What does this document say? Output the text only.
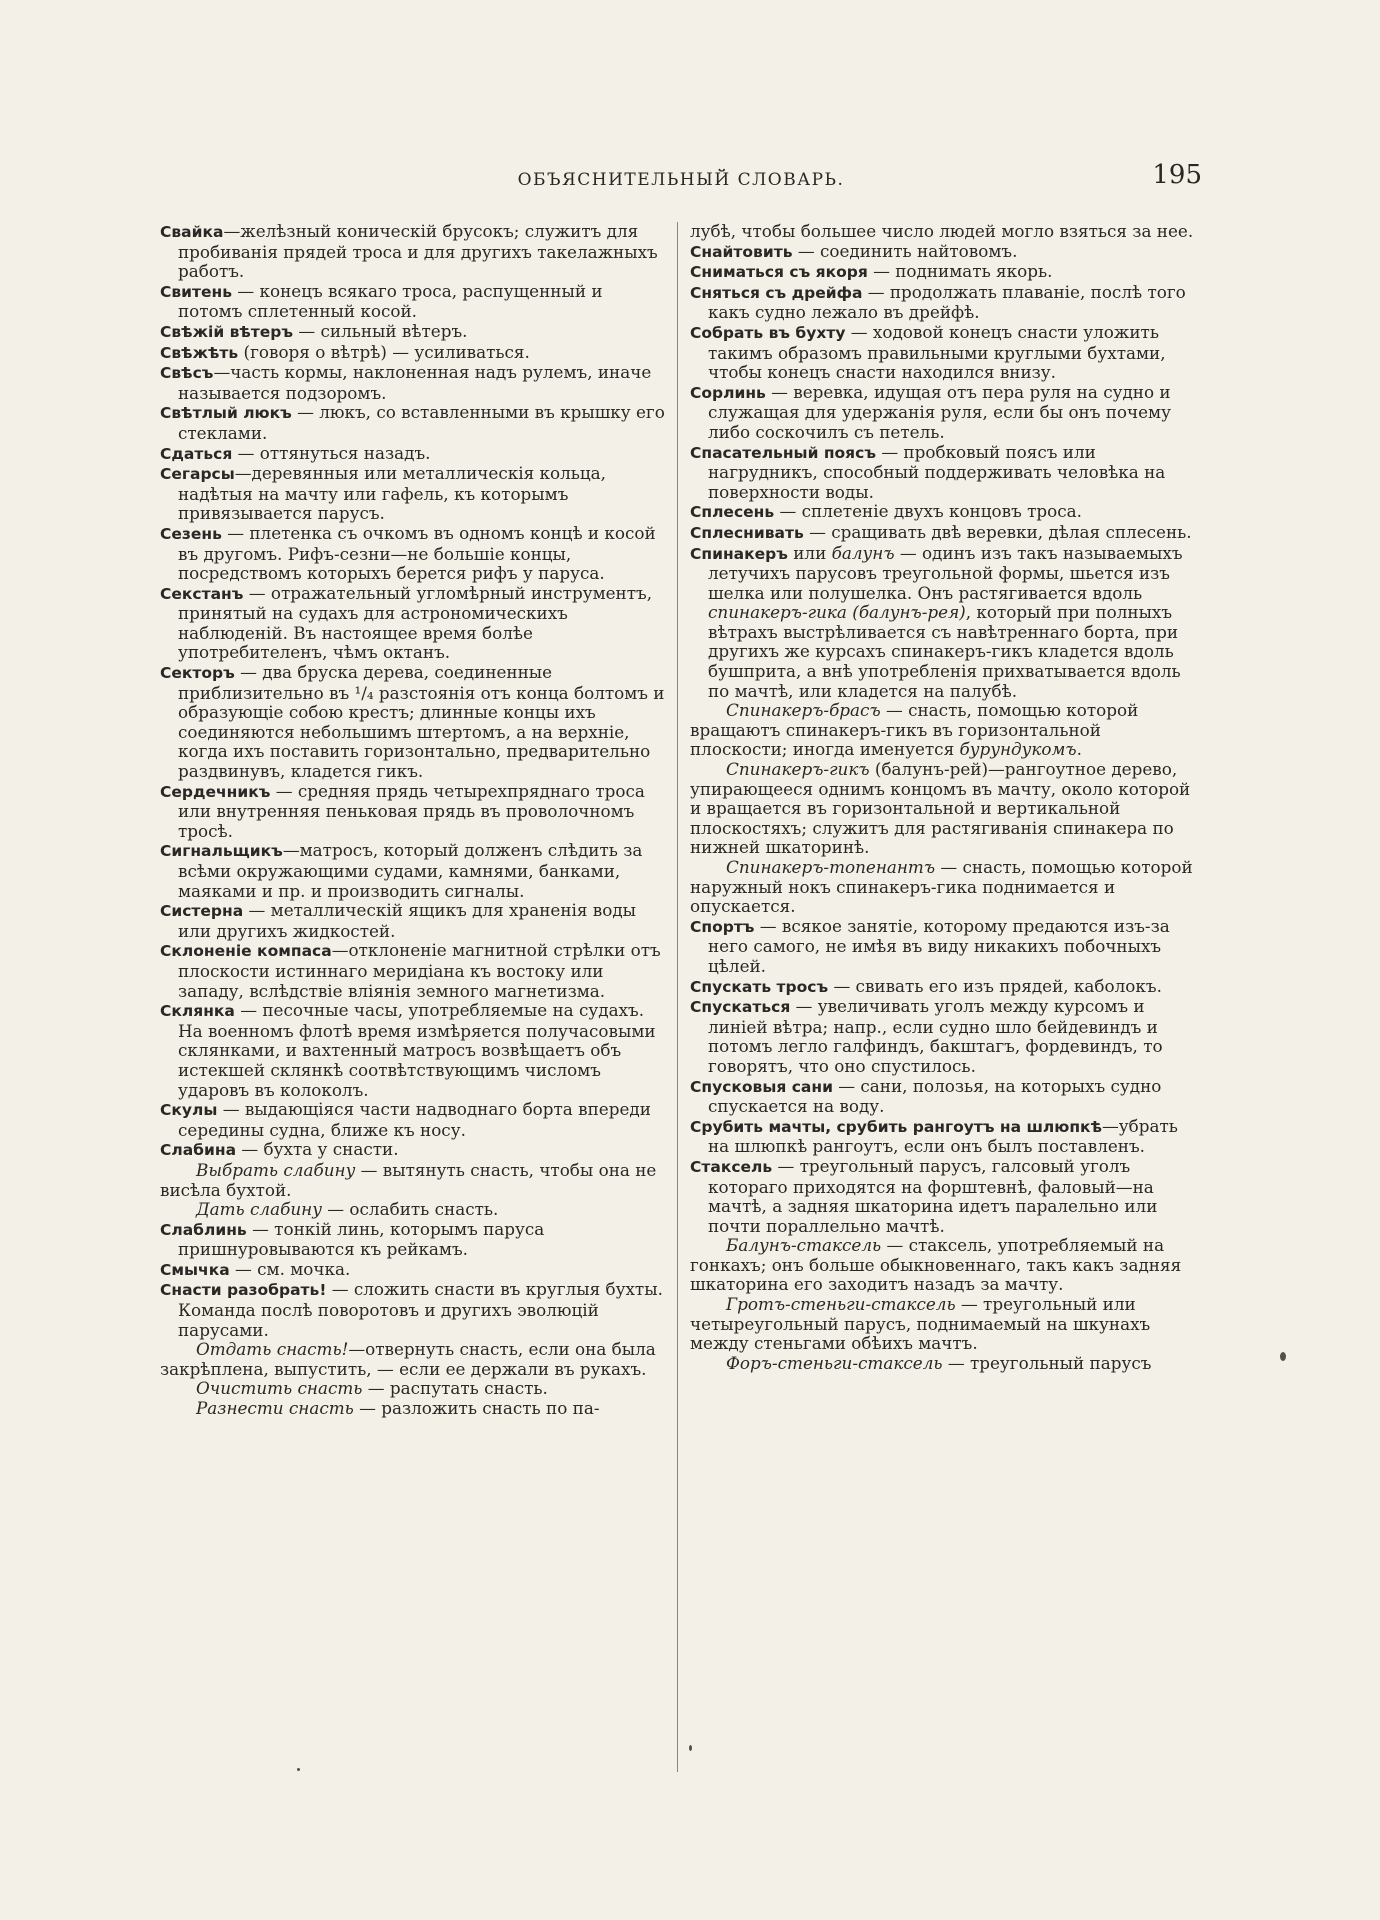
ОБЪЯСНИТЕЛЬНЫЙ СЛОВАРЬ.	195

Свайка—желѣзный коническій брусокъ; служитъ для пробиванія прядей троса и для другихъ такелажныхъ работъ.

Свитень — конецъ всякаго троса, распущенный и потомъ сплетенный косой.

Свѣжій вѣтеръ — сильный вѣтеръ.

Свѣжѣть (говоря о вѣтрѣ) — усиливаться.

Свѣсъ—часть кормы, наклоненная надъ рулемъ, иначе называется подзоромъ.

Свѣтлый люкъ — люкъ, со вставленными въ крышку его стеклами.

Сдаться — оттянуться назадъ.

Сегарсы—деревянныя или металлическія кольца, надѣтыя на мачту или гафель, къ которымъ привязывается парусъ.

Сезень — плетенка съ очкомъ въ одномъ концѣ и косой въ другомъ. Рифъ-сезни—не большіе концы, посредствомъ которыхъ берется рифъ у паруса.

Секстанъ — отражательный угломѣрный инструментъ, принятый на судахъ для астрономическихъ наблюденій. Въ настоящее время болѣе употребителенъ, чѣмъ октанъ.

Секторъ — два бруска дерева, соединенные приблизительно въ ¹/₄ разстоянія отъ конца болтомъ и образующіе собою крестъ; длинные концы ихъ соединяются небольшимъ штертомъ, а на верхніе, когда ихъ поставить горизонтально, предварительно раздвинувъ, кладется гикъ.

Сердечникъ — средняя прядь четырехпряднаго троса или внутренняя пеньковая прядь въ проволочномъ тросѣ.

Сигнальщикъ—матросъ, который долженъ слѣдить за всѣми окружающими судами, камнями, банками, маяками и пр. и производить сигналы.

Систерна — металлическій ящикъ для храненія воды или другихъ жидкостей.

Склоненіе компаса—отклоненіе магнитной стрѣлки отъ плоскости истиннаго меридіана къ востоку или западу, вслѣдствіе вліянія земного магнетизма.

Склянка — песочные часы, употребляемые на судахъ. На военномъ флотѣ время измѣряется получасовыми склянками, и вахтенный матросъ возвѣщаетъ объ истекшей склянкѣ соотвѣтствующимъ числомъ ударовъ въ колоколъ.

Скулы — выдающіяся части надводнаго борта впереди середины судна, ближе къ носу.

Слабина — бухта у снасти.

Выбрать слабину — вытянуть снасть, чтобы она не висѣла бухтой.

Дать слабину — ослабить снасть.

Слаблинь — тонкій линь, которымъ паруса пришнуровываются къ рейкамъ.

Смычка — см. мочка.

Снасти разобрать! — сложить снасти въ круглыя бухты. Команда послѣ поворотовъ и другихъ эволюцій парусами.

Отдать снасть!—отвернуть снасть, если она была закрѣплена, выпустить, — если ее держали въ рукахъ.

Очистить снасть — распутать снасть.

Разнести снасть — разложить снасть по па-

лубѣ, чтобы большее число людей могло взяться за нее.

Снайтовить — соединить найтовомъ.

Сниматься съ якоря — поднимать якорь.

Сняться съ дрейфа — продолжать плаваніе, послѣ того какъ судно лежало въ дрейфѣ.

Собрать въ бухту — ходовой конецъ снасти уложить такимъ образомъ правильными круглыми бухтами, чтобы конецъ снасти находился внизу.

Сорлинь — веревка, идущая отъ пера руля на судно и служащая для удержанія руля, если бы онъ почему либо соскочилъ съ петель.

Спасательный поясъ — пробковый поясъ или нагрудникъ, способный поддерживать человѣка на поверхности воды.

Сплесень — сплетеніе двухъ концовъ троса.

Сплеснивать — сращивать двѣ веревки, дѣлая сплесень.

Спинакеръ или балунъ — одинъ изъ такъ называемыхъ летучихъ парусовъ треугольной формы, шьется изъ шелка или полушелка. Онъ растягивается вдоль спинакеръ-гика (балунъ-рея), который при полныхъ вѣтрахъ выстрѣливается съ навѣтреннаго борта, при другихъ же курсахъ спинакеръ-гикъ кладется вдоль бушприта, а внѣ употребленія прихватывается вдоль по мачтѣ, или кладется на палубѣ.

Спинакеръ-брасъ — снасть, помощью которой вращаютъ спинакеръ-гикъ въ горизонтальной плоскости; иногда именуется бурундукомъ.

Спинакеръ-гикъ (балунъ-рей)—рангоутное дерево, упирающееся однимъ концомъ въ мачту, около которой и вращается въ горизонтальной и вертикальной плоскостяхъ; служитъ для растягиванія спинакера по нижней шкаторинѣ.

Спинакеръ-топенантъ — снасть, помощью которой наружный нокъ спинакеръ-гика поднимается и опускается.

Спортъ — всякое занятіе, которому предаются изъ-за него самого, не имѣя въ виду никакихъ побочныхъ цѣлей.

Спускать тросъ — свивать его изъ прядей, каболокъ.

Спускаться — увеличивать уголъ между курсомъ и линіей вѣтра; напр., если судно шло бейдевиндъ и потомъ легло галфиндъ, бакштагъ, фордевиндъ, то говорятъ, что оно спустилось.

Спусковыя сани — сани, полозья, на которыхъ судно спускается на воду.

Срубить мачты, срубить рангоутъ на шлюпкѣ—убрать на шлюпкѣ рангоутъ, если онъ былъ поставленъ.

Стаксель — треугольный парусъ, галсовый уголъ котораго приходятся на форштевнѣ, фаловый—на мачтѣ, а задняя шкаторина идетъ паралельно или почти пораллельно мачтѣ.

Балунъ-стаксель — стаксель, употребляемый на гонкахъ; онъ больше обыкновеннаго, такъ какъ задняя шкаторина его заходитъ назадъ за мачту.

Гротъ-стеньги-стаксель — треугольный или четыреугольный парусъ, поднимаемый на шкунахъ между стеньгами обѣихъ мачтъ.

Форъ-стеньги-стаксель — треугольный парусъ
